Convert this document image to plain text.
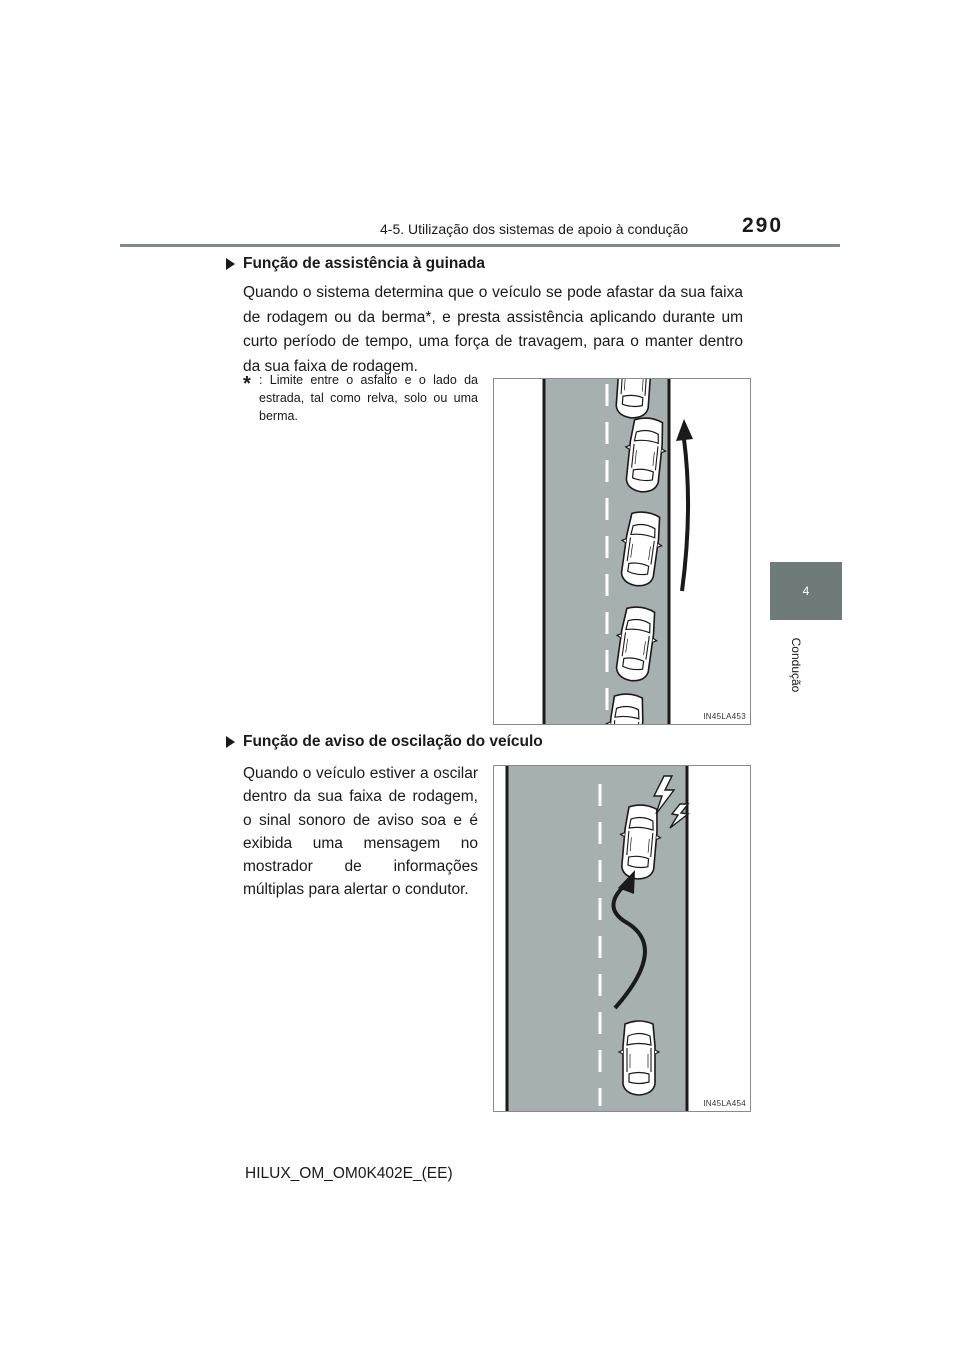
4-5. Utilização dos sistemas de apoio à condução	290
4
Condução
Função de assistência à guinada
Quando o sistema determina que o veículo se pode afastar da sua faixa de rodagem ou da berma*, e presta assistência aplicando durante um curto período de tempo, uma força de travagem, para o manter dentro da sua faixa de rodagem.
* : Limite entre o asfalto e o lado da estrada, tal como relva, solo ou uma berma.
IN45LA453
Função de aviso de oscilação do veículo
Quando o veículo estiver a oscilar dentro da sua faixa de rodagem, o sinal sonoro de aviso soa e é exibida uma mensagem no mostrador de informações múltiplas para alertar o condutor.
IN45LA454
HILUX_OM_OM0K402E_(EE)
